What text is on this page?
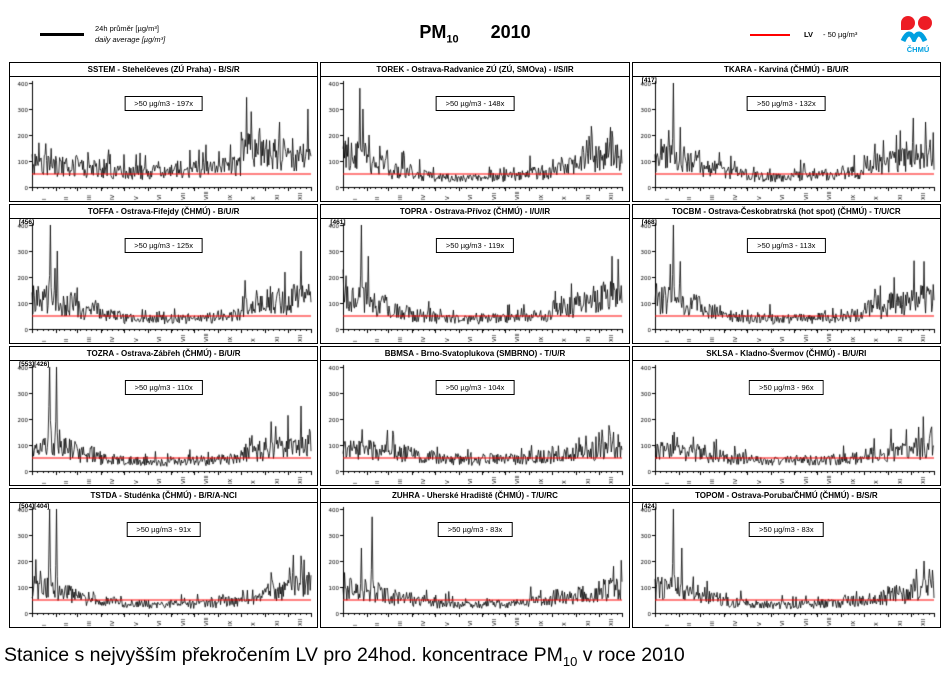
24h průměr [µg/m³]
daily average [µg/m³]	$PM_{10}$ 2010	LV - 50 µg/m³
ČHMÚ
SSTEM - Stehelčeves (ZÚ Praha) - B/S/R
>50 µg/m3 - 197x
TOREK - Ostrava-Radvanice ZÚ (ZÚ, SMOva) - I/S/IR
>50 µg/m3 - 148x
TKARA - Karviná (ČHMÚ) - B/U/R
[417]
>50 µg/m3 - 132x
TOFFA - Ostrava-Fifejdy (ČHMÚ) - B/U/R
[456]
>50 µg/m3 - 125x
TOPRA - Ostrava-Přívoz (ČHMÚ) - I/U/IR
[461]
>50 µg/m3 - 119x
TOCBM - Ostrava-Českobratrská (hot spot) (ČHMÚ) - T/U/CR
[468]
>50 µg/m3 - 113x
TOZRA - Ostrava-Zábřeh (ČHMÚ) - B/U/R
[553][426]
>50 µg/m3 - 110x
BBMSA - Brno-Svatoplukova (SMBRNO) - T/U/R
>50 µg/m3 - 104x
SKLSA - Kladno-Švermov (ČHMÚ) - B/U/RI
>50 µg/m3 - 96x
TSTDA - Studénka (ČHMÚ) - B/R/A-NCI
[504][404]
>50 µg/m3 - 91x
ZUHRA - Uherské Hradiště (ČHMÚ) - T/U/RC
>50 µg/m3 - 83x
TOPOM - Ostrava-Poruba/ČHMÚ (ČHMÚ) - B/S/R
[424]
>50 µg/m3 - 83x
Stanice s nejvyšším překročením LV pro 24hod. koncentrace $PM_{10}$ v roce 2010
